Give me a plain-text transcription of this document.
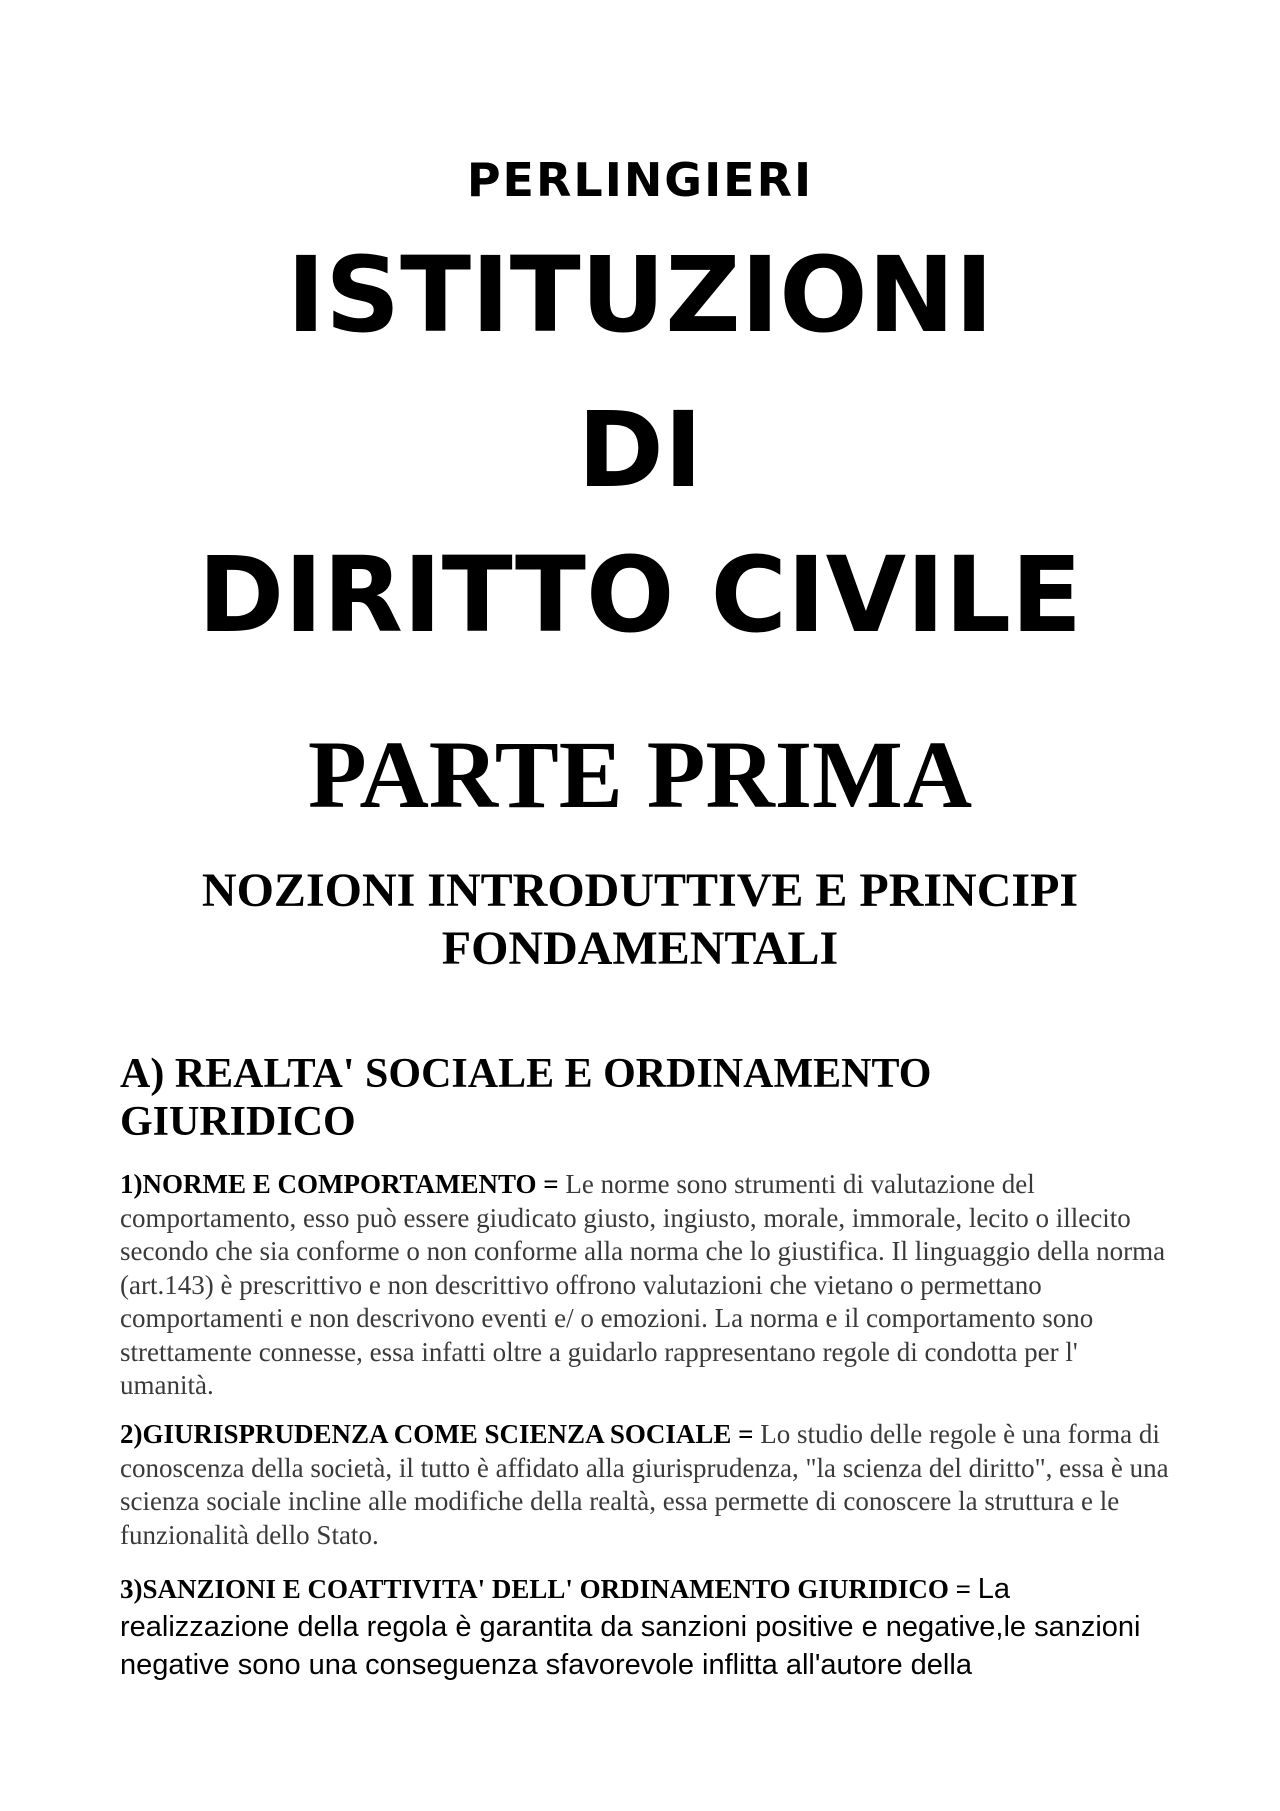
PERLINGIERI
ISTITUZIONI
DI
DIRITTO CIVILE
PARTE PRIMA
NOZIONI INTRODUTTIVE E PRINCIPI
FONDAMENTALI
A) REALTA' SOCIALE E ORDINAMENTO
GIURIDICO
1)NORME E COMPORTAMENTO = Le norme sono strumenti di valutazione del comportamento, esso può essere giudicato giusto, ingiusto, morale, immorale, lecito o illecito secondo che sia conforme o non conforme alla norma che lo giustifica. Il linguaggio della norma (art.143) è prescrittivo e non descrittivo offrono valutazioni che vietano o permettano comportamenti e non descrivono eventi e/ o emozioni. La norma e il comportamento sono strettamente connesse, essa infatti oltre a guidarlo rappresentano regole di condotta per l' umanità.
2)GIURISPRUDENZA COME SCIENZA SOCIALE = Lo studio delle regole è una forma di conoscenza della società, il tutto è affidato alla giurisprudenza, "la scienza del diritto", essa è una scienza sociale incline alle modifiche della realtà, essa permette di conoscere la struttura e le funzionalità dello Stato.
3)SANZIONI E COATTIVITA' DELL' ORDINAMENTO GIURIDICO = La realizzazione della regola è garantita da sanzioni positive e negative,le sanzioni negative sono una conseguenza sfavorevole inflitta all'autore della
